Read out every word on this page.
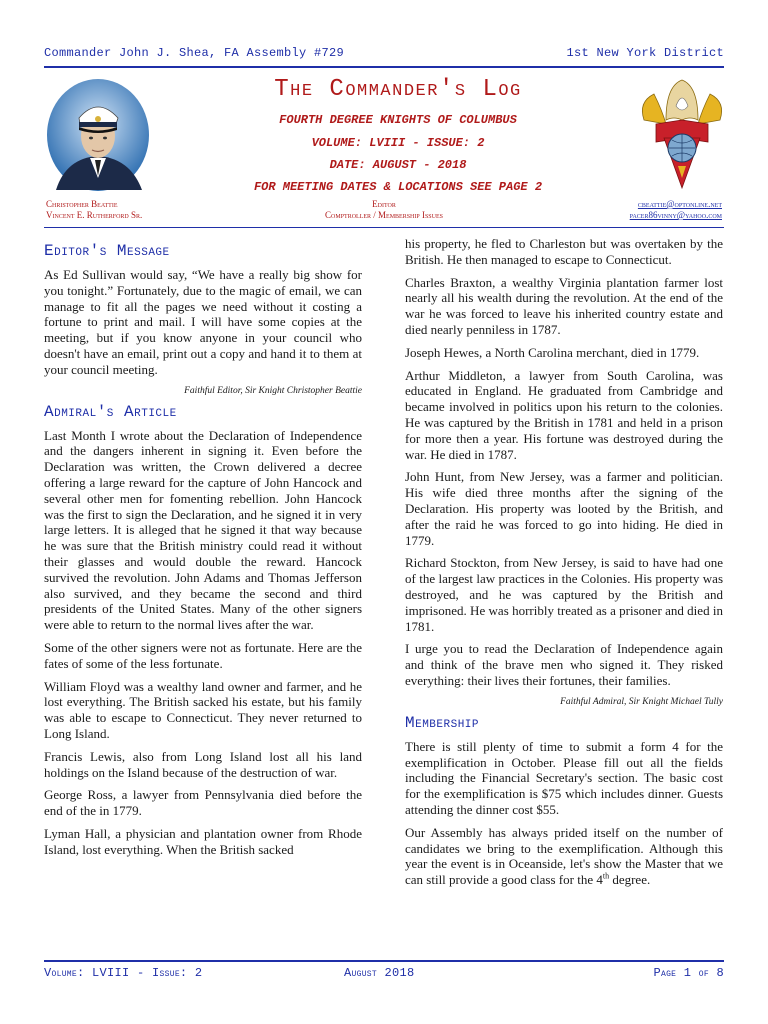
Commander John J. Shea, FA Assembly #729	1st New York District
The Commander's Log
FOURTH DEGREE KNIGHTS OF COLUMBUS
VOLUME: LVIII - ISSUE: 2
DATE: AUGUST - 2018
FOR MEETING DATES & LOCATIONS SEE PAGE 2
Christopher Beattie
Vincent E. Rutherford Sr.
Editor
Comptroller / Membership Issues
cbeattie@optonline.net
pacer86vinny@yahoo.com
Editor's Message

As Ed Sullivan would say, “We have a really big show for you tonight.” Fortunately, due to the magic of email, we can manage to fit all the pages we need without it costing a fortune to print and mail. I will have some copies at the meeting, but if you know anyone in your council who doesn't have an email, print out a copy and hand it to them at your council meeting.

Faithful Editor, Sir Knight Christopher Beattie

Admiral's Article

Last Month I wrote about the Declaration of Independence and the dangers inherent in signing it. Even before the Declaration was written, the Crown delivered a decree offering a large reward for the capture of John Hancock and several other men for fomenting rebellion. John Hancock was the first to sign the Declaration, and he signed it in very large letters. It is alleged that he signed it that way because he was sure that the British ministry could read it without their glasses and would double the reward. Hancock survived the revolution. John Adams and Thomas Jefferson also survived, and they became the second and third presidents of the United States. Many of the other signers were able to return to the normal lives after the war.

Some of the other signers were not as fortunate. Here are the fates of some of the less fortunate.

William Floyd was a wealthy land owner and farmer, and he lost everything. The British sacked his estate, but his family was able to escape to Connecticut. They never returned to Long Island.

Francis Lewis, also from Long Island lost all his land holdings on the Island because of the destruction of war.

George Ross, a lawyer from Pennsylvania died before the end of the in 1779.

Lyman Hall, a physician and plantation owner from Rhode Island, lost everything. When the British sacked

his property, he fled to Charleston but was overtaken by the British. He then managed to escape to Connecticut.

Charles Braxton, a wealthy Virginia plantation farmer lost nearly all his wealth during the revolution. At the end of the war he was forced to leave his inherited country estate and died nearly penniless in 1787.

Joseph Hewes, a North Carolina merchant, died in 1779.

Arthur Middleton, a lawyer from South Carolina, was educated in England. He graduated from Cambridge and became involved in politics upon his return to the colonies. He was captured by the British in 1781 and held in a prison for more then a year. His fortune was destroyed during the war. He died in 1787.

John Hunt, from New Jersey, was a farmer and politician. His wife died three months after the signing of the Declaration. His property was looted by the British, and after the raid he was forced to go into hiding. He died in 1779.

Richard Stockton, from New Jersey, is said to have had one of the largest law practices in the Colonies. His property was destroyed, and he was captured by the British and imprisoned. He was horribly treated as a prisoner and died in 1781.

I urge you to read the Declaration of Independence again and think of the brave men who signed it. They risked everything: their lives their fortunes, their families.

Faithful Admiral, Sir Knight Michael Tully

Membership

There is still plenty of time to submit a form 4 for the exemplification in October. Please fill out all the fields including the Financial Secretary's section. The basic cost for the exemplification is $75 which includes dinner. Guests attending the dinner cost $55.

Our Assembly has always prided itself on the number of candidates we bring to the exemplification. Although this year the event is in Oceanside, let's show the Master that we can still provide a good class for the 4th degree.

Volume: LVIII - Issue: 2	August 2018	Page 1 of 8
